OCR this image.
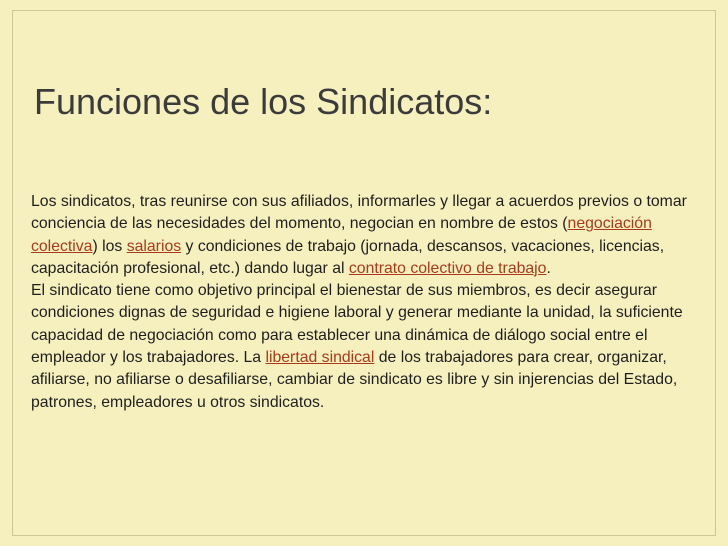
Funciones de los Sindicatos:

Los sindicatos, tras reunirse con sus afiliados, informarles y llegar a acuerdos previos o tomar conciencia de las necesidades del momento, negocian en nombre de estos (negociación colectiva) los salarios y condiciones de trabajo (jornada, descansos, vacaciones, licencias, capacitación profesional, etc.) dando lugar al contrato colectivo de trabajo.

El sindicato tiene como objetivo principal el bienestar de sus miembros, es decir asegurar condiciones dignas de seguridad e higiene laboral y generar mediante la unidad, la suficiente capacidad de negociación como para establecer una dinámica de diálogo social entre el empleador y los trabajadores. La libertad sindical de los trabajadores para crear, organizar, afiliarse, no afiliarse o desafiliarse, cambiar de sindicato es libre y sin injerencias del Estado, patrones, empleadores u otros sindicatos.
